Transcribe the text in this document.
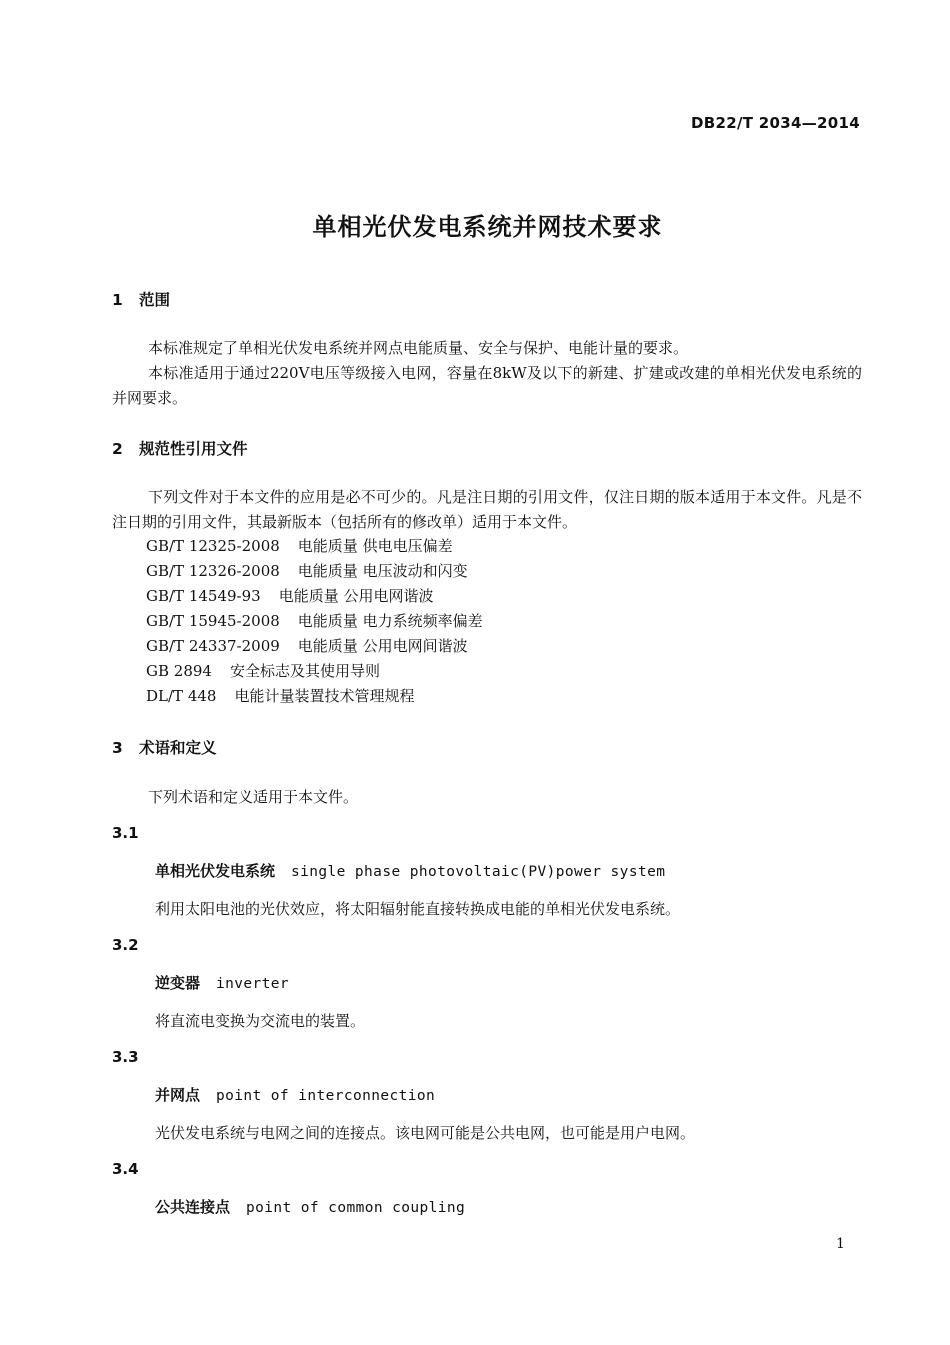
DB22/T 2034—2014
单相光伏发电系统并网技术要求
1 范围
本标准规定了单相光伏发电系统并网点电能质量、安全与保护、电能计量的要求。
本标准适用于通过220V电压等级接入电网，容量在8kW及以下的新建、扩建或改建的单相光伏发电系统的并网要求。
2 规范性引用文件
下列文件对于本文件的应用是必不可少的。凡是注日期的引用文件，仅注日期的版本适用于本文件。凡是不注日期的引用文件，其最新版本（包括所有的修改单）适用于本文件。
GB/T 12325-2008 电能质量 供电电压偏差
GB/T 12326-2008 电能质量 电压波动和闪变
GB/T 14549-93 电能质量 公用电网谐波
GB/T 15945-2008 电能质量 电力系统频率偏差
GB/T 24337-2009 电能质量 公用电网间谐波
GB 2894 安全标志及其使用导则
DL/T 448 电能计量装置技术管理规程
3 术语和定义
下列术语和定义适用于本文件。
3.1
单相光伏发电系统 single phase photovoltaic(PV)power system
利用太阳电池的光伏效应，将太阳辐射能直接转换成电能的单相光伏发电系统。
3.2
逆变器 inverter
将直流电变换为交流电的装置。
3.3
并网点 point of interconnection
光伏发电系统与电网之间的连接点。该电网可能是公共电网，也可能是用户电网。
3.4
公共连接点 point of common coupling
1
